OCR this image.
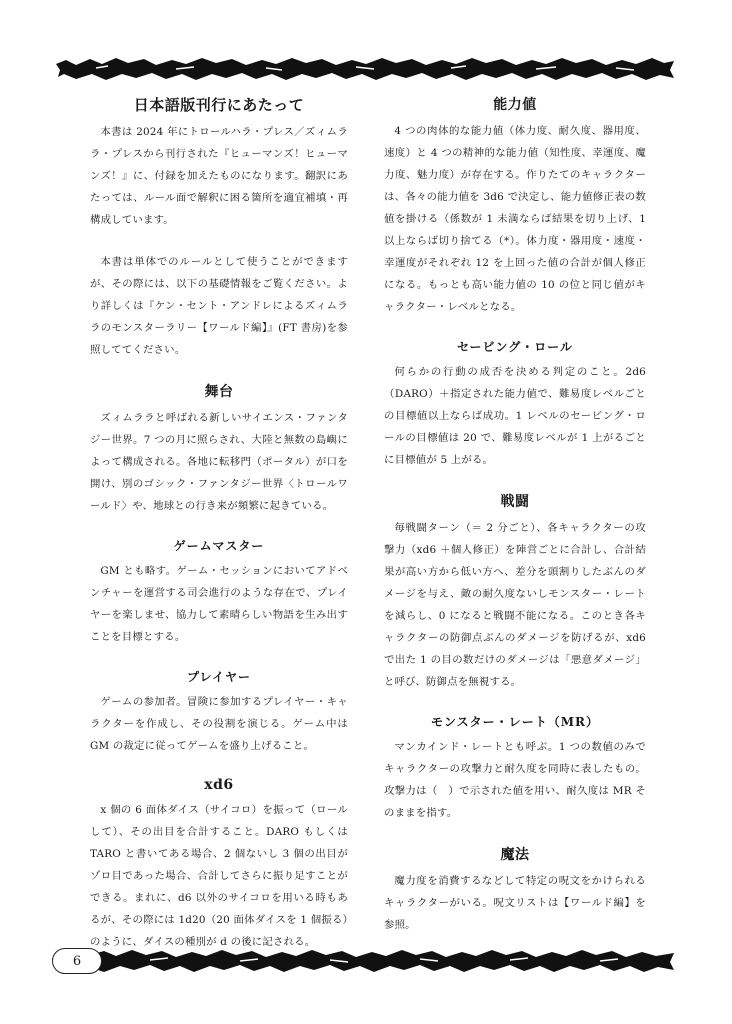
日本語版刊行にあたって

本書は 2024 年にトロールハラ・プレス／ズィムララ・プレスから刊行された『ヒューマンズ！ヒューマンズ！』に、付録を加えたものになります。翻訳にあたっては、ルール面で解釈に困る箇所を適宜補填・再構成しています。

本書は単体でのルールとして使うことができますが、その際には、以下の基礎情報をご覧ください。より詳しくは『ケン・セント・アンドレによるズィムララのモンスターラリー【ワールド編】』(FT 書房)を参照しててください。

舞台

ズィムララと呼ばれる新しいサイエンス・ファンタジー世界。7 つの月に照らされ、大陸と無数の島嶼によって構成される。各地に転移門（ポータル）が口を開け、別のゴシック・ファンタジー世界〈トロールワールド〉や、地球との行き来が頻繁に起きている。

ゲームマスター

GM とも略す。ゲーム・セッションにおいてアドベンチャーを運営する司会進行のような存在で、プレイヤーを楽しませ、協力して素晴らしい物語を生み出すことを目標とする。

プレイヤー

ゲームの参加者。冒険に参加するプレイヤー・キャラクターを作成し、その役割を演じる。ゲーム中は GM の裁定に従ってゲームを盛り上げること。

xd6

x 個の 6 面体ダイス（サイコロ）を振って（ロールして）、その出目を合計すること。DARO もしくは TARO と書いてある場合、2 個ないし 3 個の出目がゾロ目であった場合、合計してさらに振り足すことができる。まれに、d6 以外のサイコロを用いる時もあるが、その際には 1d20（20 面体ダイスを 1 個振る）のように、ダイスの種別が d の後に記される。

能力値

4 つの肉体的な能力値（体力度、耐久度、器用度、速度）と 4 つの精神的な能力値（知性度、幸運度、魔力度、魅力度）が存在する。作りたてのキャラクターは、各々の能力値を 3d6 で決定し、能力値修正表の数値を掛ける（係数が 1 未満ならば結果を切り上げ、1 以上ならば切り捨てる（*）。体力度・器用度・速度・幸運度がそれぞれ 12 を上回った値の合計が個人修正になる。もっとも高い能力値の 10 の位と同じ値がキャラクター・レベルとなる。

セービング・ロール

何らかの行動の成否を決める判定のこと。2d6（DARO）＋指定された能力値で、難易度レベルごとの目標値以上ならば成功。1 レベルのセービング・ロールの目標値は 20 で、難易度レベルが 1 上がるごとに目標値が 5 上がる。

戦闘

毎戦闘ターン（＝ 2 分ごと）、各キャラクターの攻撃力（xd6 ＋個人修正）を陣営ごとに合計し、合計結果が高い方から低い方へ、差分を頭割りしたぶんのダメージを与え、敵の耐久度ないしモンスター・レートを減らし、0 になると戦闘不能になる。このとき各キャラクターの防御点ぶんのダメージを防げるが、xd6 で出た 1 の目の数だけのダメージは「悪意ダメージ」と呼び、防御点を無視する。

モンスター・レート（MR）

マンカインド・レートとも呼ぶ。1 つの数値のみでキャラクターの攻撃力と耐久度を同時に表したもの。攻撃力は（　）で示された値を用い、耐久度は MR そのままを指す。

魔法

魔力度を消費するなどして特定の呪文をかけられるキャラクターがいる。呪文リストは【ワールド編】を参照。

6
